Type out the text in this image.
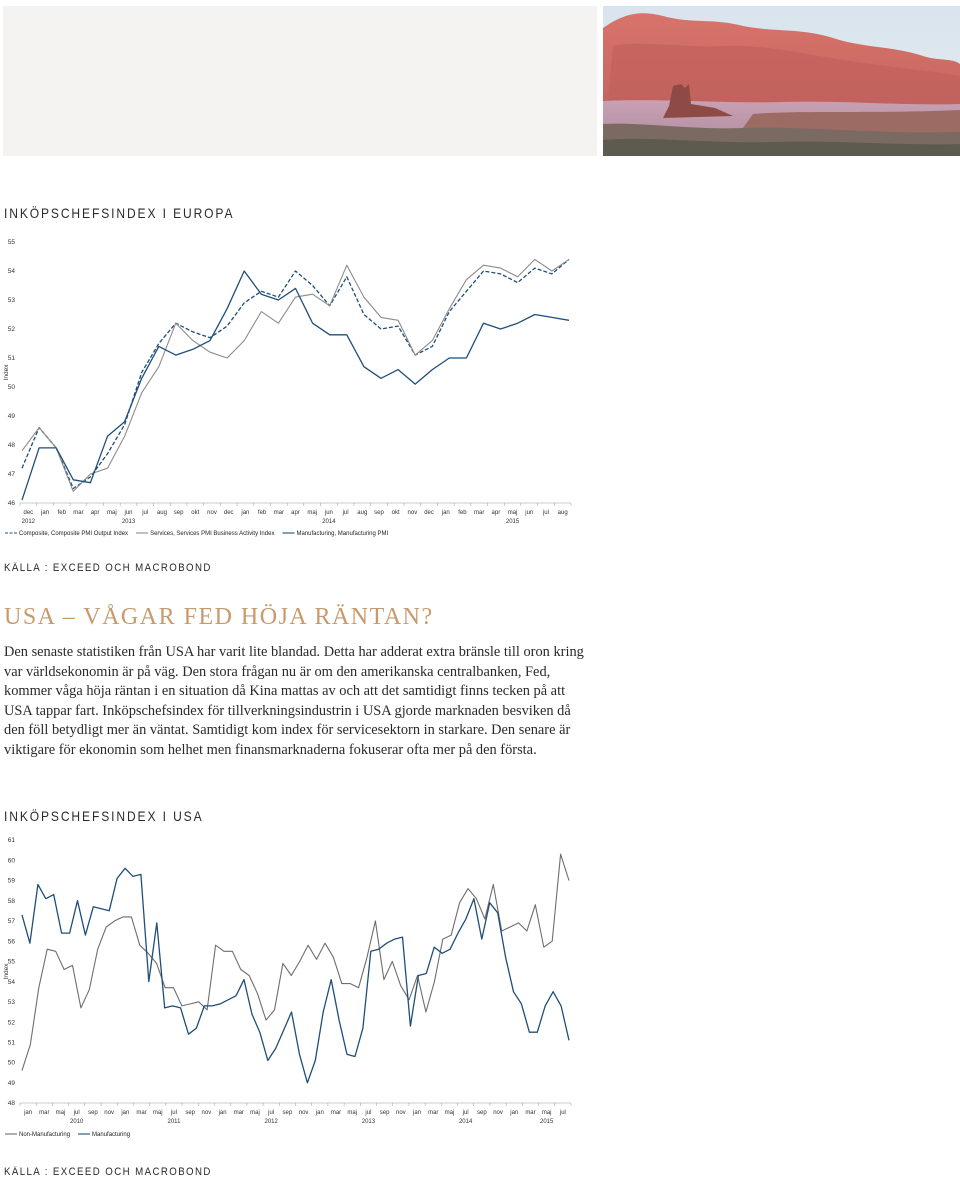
INKÖPSCHEFSINDEX I EUROPA
Index
46
47
48
49
50
51
52
53
54
55
dec jan feb mar apr maj jun jul aug sep okt nov dec jan feb mar apr maj jun jul aug sep okt nov dec jan feb mar apr maj jun jul aug
2012	2013	2014	2015
Composite, Composite PMI Output Index	Services, Services PMI Business Activity Index	Manufacturing, Manufacturing PMI
KÄLLA : EXCEED OCH MACROBOND
USA – VÅGAR FED HÖJA RÄNTAN?

Den senaste statistiken från USA har varit lite blandad. Detta har adderat extra bränsle till oron kring var världsekonomin är på väg. Den stora frågan nu är om den amerikanska centralbanken, Fed, kommer våga höja räntan i en situation då Kina mattas av och att det samtidigt finns tecken på att USA tappar fart. Inköpschefsindex för tillverkningsindustrin i USA gjorde marknaden besviken då den föll betydligt mer än väntat. Samtidigt kom index för servicesektorn in starkare. Den senare är viktigare för ekonomin som helhet men finansmarknaderna fokuserar ofta mer på den första.

INKÖPSCHEFSINDEX I USA
Index
48
49
50
51
52
53
54
55
56
57
58
59
60
61
jan mar maj jul sep nov jan mar maj jul sep nov jan mar maj jul sep nov jan mar maj jul sep nov jan mar maj jul sep nov jan mar maj jul
2010	2011	2012	2013	2014	2015
Non-Manufacturing	Manufacturing
KÄLLA : EXCEED OCH MACROBOND
